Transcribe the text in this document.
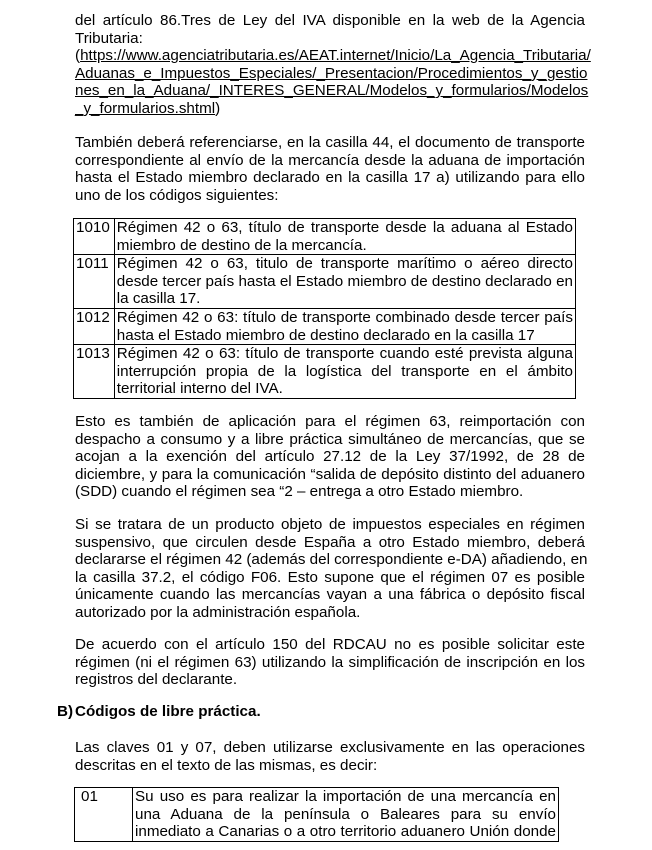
del artículo 86.Tres de Ley del IVA disponible en la web de la Agencia
Tributaria:
(https://www.agenciatributaria.es/AEAT.internet/Inicio/La_Agencia_Tributaria/
Aduanas_e_Impuestos_Especiales/_Presentacion/Procedimientos_y_gestio
nes_en_la_Aduana/_INTERES_GENERAL/Modelos_y_formularios/Modelos
_y_formularios.shtml)
También deberá referenciarse, en la casilla 44, el documento de transporte
correspondiente al envío de la mercancía desde la aduana de importación
hasta el Estado miembro declarado en la casilla 17 a) utilizando para ello
uno de los códigos siguientes:
1010	Régimen 42 o 63, título de transporte desde la aduana al Estado
miembro de destino de la mercancía.

1011	Régimen 42 o 63, titulo de transporte marítimo o aéreo directo
desde tercer país hasta el Estado miembro de destino declarado en
la casilla 17.

1012	Régimen 42 o 63: título de transporte combinado desde tercer país
hasta el Estado miembro de destino declarado en la casilla 17

1013	Régimen 42 o 63: título de transporte cuando esté prevista alguna
interrupción propia de la logística del transporte en el ámbito
territorial interno del IVA.
Esto es también de aplicación para el régimen 63, reimportación con
despacho a consumo y a libre práctica simultáneo de mercancías, que se
acojan a la exención del artículo 27.12 de la Ley 37/1992, de 28 de
diciembre, y para la comunicación “salida de depósito distinto del aduanero
(SDD) cuando el régimen sea “2 – entrega a otro Estado miembro.
Si se tratara de un producto objeto de impuestos especiales en régimen
suspensivo, que circulen desde España a otro Estado miembro, deberá
declararse el régimen 42 (además del correspondiente e-DA) añadiendo, en
la casilla 37.2, el código F06. Esto supone que el régimen 07 es posible
únicamente cuando las mercancías vayan a una fábrica o depósito fiscal
autorizado por la administración española.
De acuerdo con el artículo 150 del RDCAU no es posible solicitar este
régimen (ni el régimen 63) utilizando la simplificación de inscripción en los
registros del declarante.
B) Códigos de libre práctica.
Las claves 01 y 07, deben utilizarse exclusivamente en las operaciones
descritas en el texto de las mismas, es decir:
01	Su uso es para realizar la importación de una mercancía en
una Aduana de la península o Baleares para su envío
inmediato a Canarias o a otro territorio aduanero Unión donde
